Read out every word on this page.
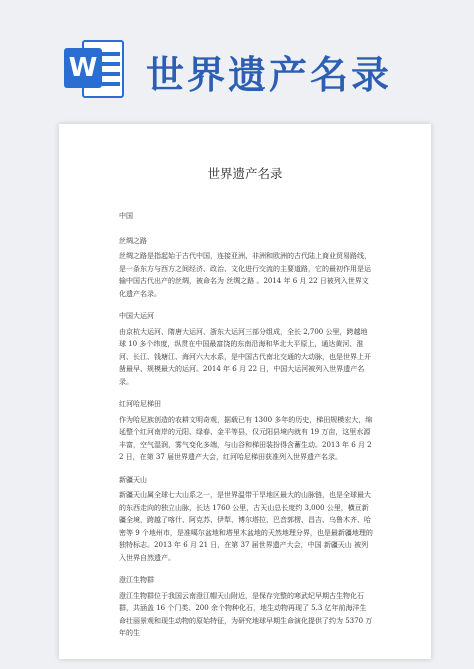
W 世界遗产名录
世界遗产名录
中国
丝绸之路
丝绸之路是指起始于古代中国，连接亚洲、非洲和欧洲的古代陆上商业贸易路线，是一条东方与西方之间经济、政治、文化进行交流的主要道路，它的最初作用是运输中国古代出产的丝绸，被命名为 丝绸之路 。2014 年 6 月 22 日被列入世界文化遗产名录。
中国大运河
由京杭大运河、隋唐大运河、浙东大运河三部分组成，全长 2,700 公里，跨越地球 10 多个纬度，纵贯在中国最富饶的东南沿海和华北大平原上，通达黄河、淮河、长江、钱塘江、海河六大水系，是中国古代南北交通的大动脉，也是世界上开凿最早、规模最大的运河。2014 年 6 月 22 日，中国大运河被列入世界遗产名录。
红河哈尼梯田
作为哈尼族创造的农耕文明奇观，据载已有 1300 多年的历史，梯田规模宏大，绵延整个红河南岸的元阳、绿春、金平等县，仅元阳县境内就有 19 万亩，这里水源丰富，空气湿润，雾气变化多端，与山谷和梯田装扮得含蓄生动。2013 年 6 月 22 日，在第 37 届世界遗产大会，红河哈尼梯田获准列入世界遗产名录。
新疆天山
新疆天山属全球七大山系之一，是世界温带干旱地区最大的山脉链，也是全球最大的东西走向的独立山脉，长达 1760 公里，古天山总长度约 3,000 公里，横亘新疆全境，跨越了喀什、阿克苏、伊犁、博尔塔拉、巴音郭楞、昌吉、乌鲁木齐、哈密等 9 个地州市，是准噶尔盆地和塔里木盆地的天然地理分界，也是最新疆地理的独特标志。2013 年 6 月 21 日，在第 37 届世界遗产大会，中国 新疆天山 被列入世界自然遗产。
澄江生物群
澄江生物群位于我国云南澄江帽天山附近，是保存完整的寒武纪早期古生物化石群，共涵盖 16 个门类、200 余个物种化石，地生动物再现了 5.3 亿年前海洋生命壮丽景观和现生动物的原始特征，为研究地球早期生命演化提供了约为 5370 万年的生
